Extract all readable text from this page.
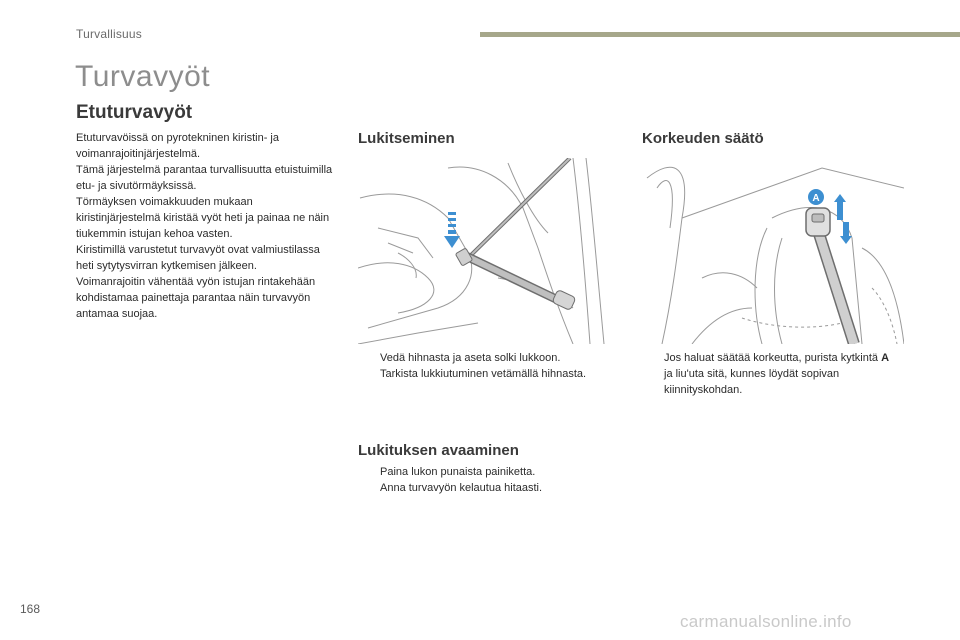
Turvallisuus
Turvavyöt
Etuturvavyöt

Etuturvavöissä on pyrotekninen kiristin- ja voimanrajoitinjärjestelmä.

Tämä järjestelmä parantaa turvallisuutta etuistuimilla etu- ja sivutörmäyksissä.

Törmäyksen voimakkuuden mukaan kiristinjärjestelmä kiristää vyöt heti ja painaa ne näin tiukemmin istujan kehoa vasten.

Kiristimillä varustetut turvavyöt ovat valmiustilassa heti sytytysvirran kytkemisen jälkeen.

Voimanrajoitin vähentää vyön istujan rintakehään kohdistamaa painettaja parantaa näin turvavyön antamaa suojaa.

Lukitseminen
Vedä hihnasta ja aseta solki lukkoon.
Tarkista lukkiutuminen vetämällä hihnasta.
Korkeuden säätö
A
Jos haluat säätää korkeutta, purista kytkintä A ja liu'uta sitä, kunnes löydät sopivan kiinnityskohdan.
Lukituksen avaaminen
Paina lukon punaista painiketta.
Anna turvavyön kelautua hitaasti.
168
carmanualsonline.info
